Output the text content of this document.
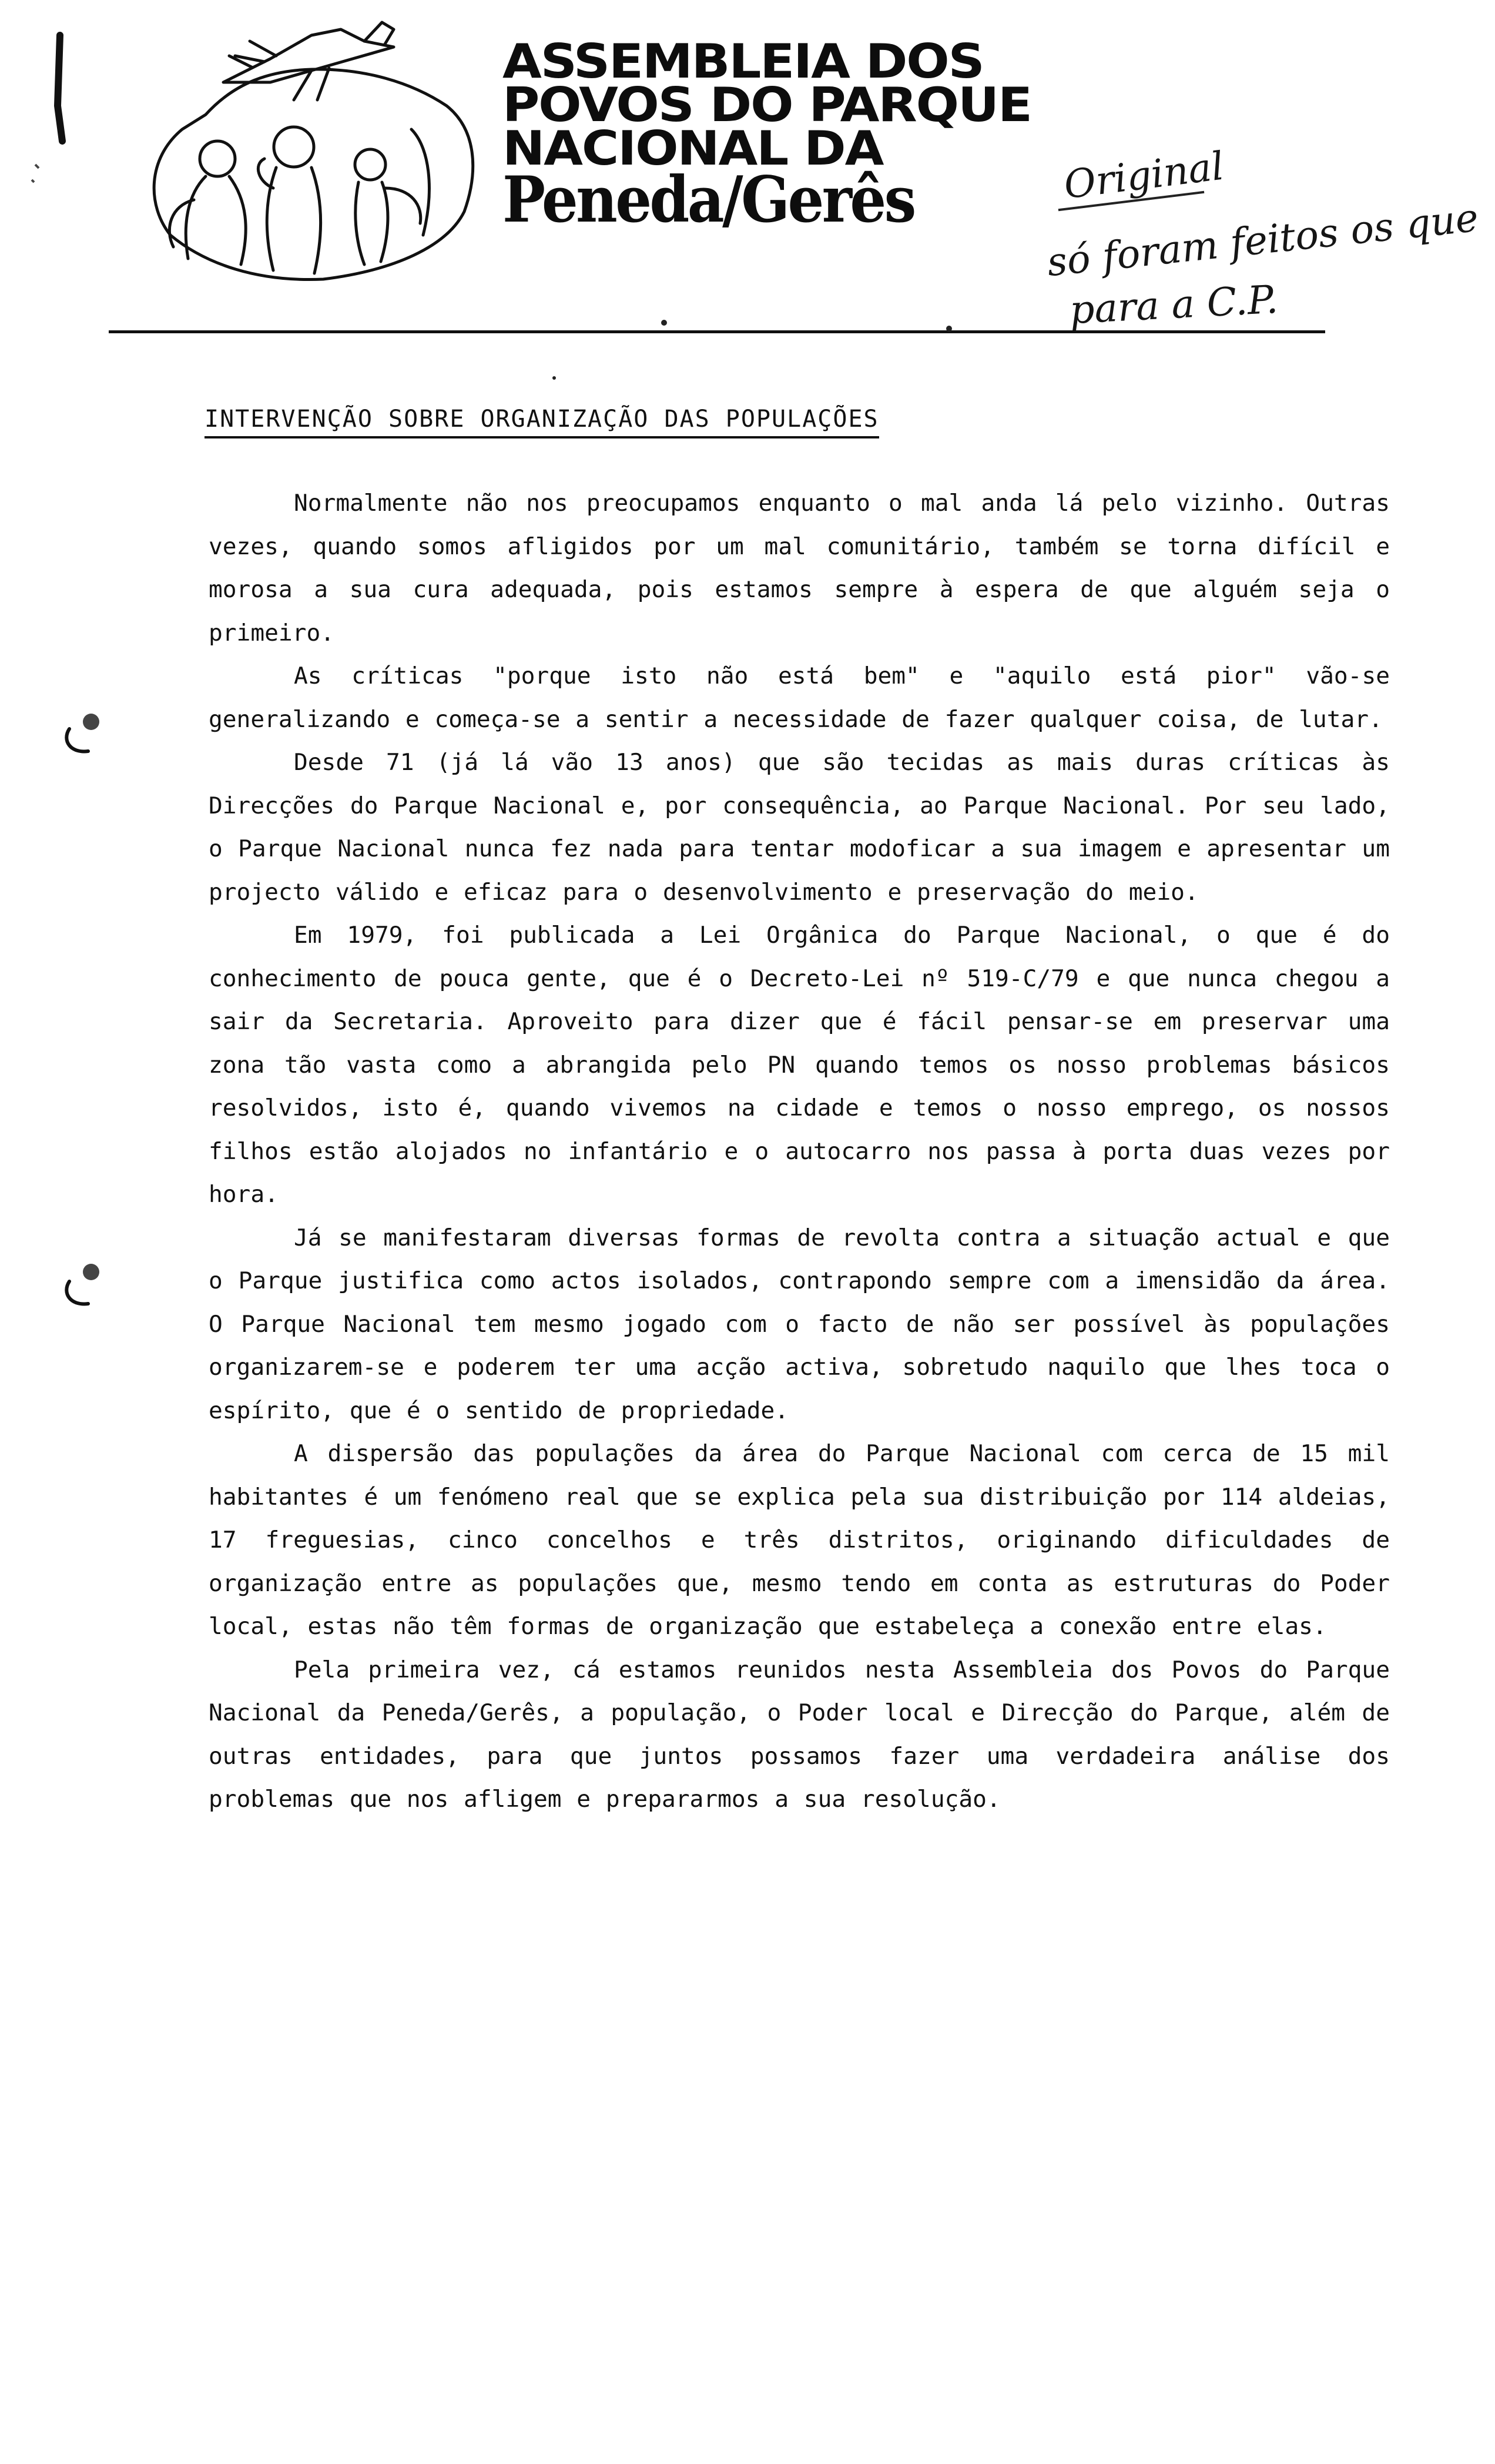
ASSEMBLEIA DOS
POVOS DO PARQUE
NACIONAL DA
Peneda/Gerês	Original
só foram feitos os que
para a C.P.
INTERVENÇÃO SOBRE ORGANIZAÇÃO DAS POPULAÇÕES

Normalmente não nos preocupamos enquanto o mal anda lá pelo vizinho. Outras vezes, quando somos afligidos por um mal comunitário, também se torna difícil e morosa a sua cura adequada, pois estamos sempre à espera de que alguém seja o primeiro.

As críticas "porque isto não está bem" e "aquilo está pior" vão-se generalizando e começa-se a sentir a necessidade de fazer qualquer coisa, de lutar.

Desde 71 (já lá vão 13 anos) que são tecidas as mais duras críticas às Direcções do Parque Nacional e, por consequência, ao Parque Nacional. Por seu lado, o Parque Nacional nunca fez nada para tentar modoficar a sua imagem e apresentar um projecto válido e eficaz para o desenvolvimento e preservação do meio.

Em 1979, foi publicada a Lei Orgânica do Parque Nacional, o que é do conhecimento de pouca gente, que é o Decreto-Lei nº 519-C/79 e que nunca chegou a sair da Secretaria. Aproveito para dizer que é fácil pensar-se em preservar uma zona tão vasta como a abrangida pelo PN quando temos os nosso problemas básicos resolvidos, isto é, quando vivemos na cidade e temos o nosso emprego, os nossos filhos estão alojados no infantário e o autocarro nos passa à porta duas vezes por hora.

Já se manifestaram diversas formas de revolta contra a situação actual e que o Parque justifica como actos isolados, contrapondo sempre com a imensidão da área. O Parque Nacional tem mesmo jogado com o facto de não ser possível às populações organizarem-se e poderem ter uma acção activa, sobretudo naquilo que lhes toca o espírito, que é o sentido de propriedade.

A dispersão das populações da área do Parque Nacional com cerca de 15 mil habitantes é um fenómeno real que se explica pela sua distribuição por 114 aldeias, 17 freguesias, cinco concelhos e três distritos, originando dificuldades de organização entre as populações que, mesmo tendo em conta as estruturas do Poder local, estas não têm formas de organização que estabeleça a conexão entre elas.

Pela primeira vez, cá estamos reunidos nesta Assembleia dos Povos do Parque Nacional da Peneda/Gerês, a população, o Poder local e Direcção do Parque, além de outras entidades, para que juntos possamos fazer uma verdadeira análise dos problemas que nos afligem e prepararmos a sua resolução.
